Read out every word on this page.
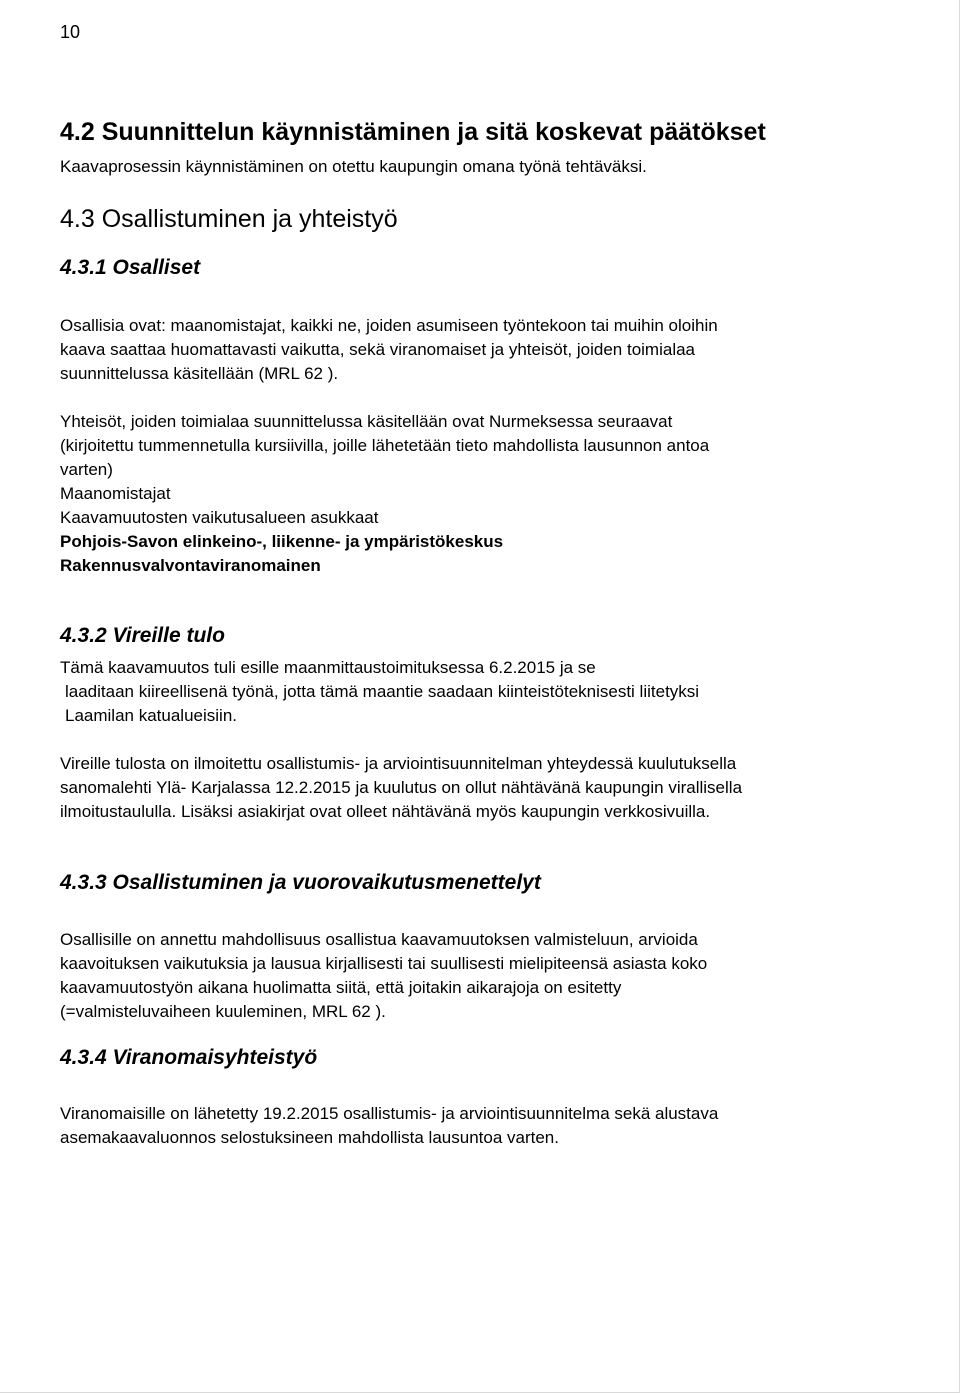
10
4.2 Suunnittelun käynnistäminen ja sitä koskevat päätökset
Kaavaprosessin käynnistäminen on otettu kaupungin omana työnä tehtäväksi.
4.3 Osallistuminen ja yhteistyö
4.3.1 Osalliset
Osallisia ovat: maanomistajat, kaikki ne, joiden asumiseen työntekoon tai muihin oloihin
kaava saattaa huomattavasti vaikutta, sekä viranomaiset ja yhteisöt, joiden toimialaa
suunnittelussa käsitellään (MRL 62 ).
Yhteisöt, joiden toimialaa suunnittelussa käsitellään ovat Nurmeksessa seuraavat
(kirjoitettu tummennetulla kursiivilla, joille lähetetään tieto mahdollista lausunnon antoa
varten)
Maanomistajat
Kaavamuutosten vaikutusalueen asukkaat
Pohjois-Savon elinkeino-, liikenne- ja ympäristökeskus
Rakennusvalvontaviranomainen
4.3.2 Vireille tulo
Tämä kaavamuutos tuli esille maanmittaustoimituksessa 6.2.2015 ja se
laaditaan kiireellisenä työnä, jotta tämä maantie saadaan kiinteistöteknisesti liitetyksi
Laamilan katualueisiin.
Vireille tulosta on ilmoitettu osallistumis- ja arviointisuunnitelman yhteydessä kuulutuksella
sanomalehti Ylä- Karjalassa 12.2.2015 ja kuulutus on ollut nähtävänä kaupungin virallisella
ilmoitustaululla. Lisäksi asiakirjat ovat olleet nähtävänä myös kaupungin verkkosivuilla.
4.3.3 Osallistuminen ja vuorovaikutusmenettelyt
Osallisille on annettu mahdollisuus osallistua kaavamuutoksen valmisteluun, arvioida
kaavoituksen vaikutuksia ja lausua kirjallisesti tai suullisesti mielipiteensä asiasta koko
kaavamuutostyön aikana huolimatta siitä, että joitakin aikarajoja on esitetty
(=valmisteluvaiheen kuuleminen, MRL 62 ).
4.3.4 Viranomaisyhteistyö
Viranomaisille on lähetetty 19.2.2015 osallistumis- ja arviointisuunnitelma sekä alustava
asemakaavaluonnos selostuksineen mahdollista lausuntoa varten.
